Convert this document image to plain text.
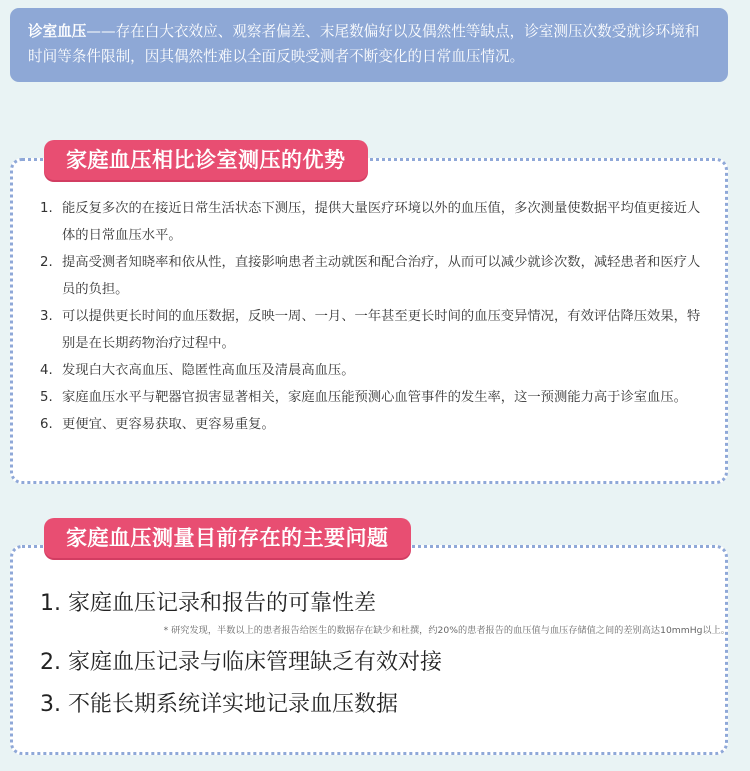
诊室血压——存在白大衣效应、观察者偏差、末尾数偏好以及偶然性等缺点，诊室测压次数受就诊环境和时间等条件限制，因其偶然性难以全面反映受测者不断变化的日常血压情况。
家庭血压相比诊室测压的优势
1. 能反复多次的在接近日常生活状态下测压，提供大量医疗环境以外的血压值，多次测量使数据平均值更接近人体的日常血压水平。
2. 提高受测者知晓率和依从性，直接影响患者主动就医和配合治疗，从而可以减少就诊次数，减轻患者和医疗人员的负担。
3. 可以提供更长时间的血压数据，反映一周、一月、一年甚至更长时间的血压变异情况，有效评估降压效果，特别是在长期药物治疗过程中。
4. 发现白大衣高血压、隐匿性高血压及清晨高血压。
5. 家庭血压水平与靶器官损害显著相关，家庭血压能预测心血管事件的发生率，这一预测能力高于诊室血压。
6. 更便宜、更容易获取、更容易重复。
家庭血压测量目前存在的主要问题
1. 家庭血压记录和报告的可靠性差
* 研究发现，半数以上的患者报告给医生的数据存在缺少和杜撰，约20%的患者报告的血压值与血压存储值之间的差别高达10mmHg以上。
2. 家庭血压记录与临床管理缺乏有效对接
3. 不能长期系统详实地记录血压数据
